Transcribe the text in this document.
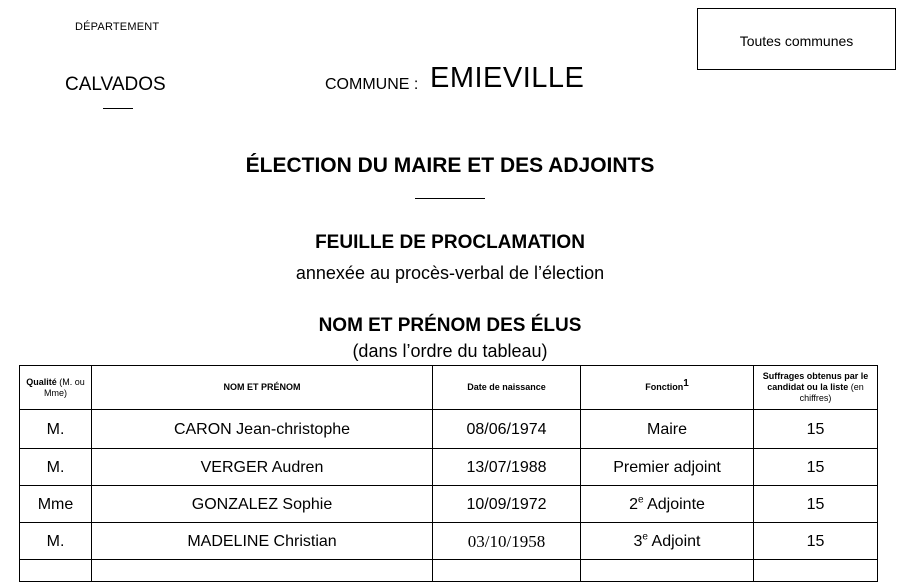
DÉPARTEMENT
CALVADOS	COMMUNE : EMIEVILLE
Toutes communes
ÉLECTION DU MAIRE ET DES ADJOINTS
FEUILLE DE PROCLAMATION
annexée au procès-verbal de l’élection
NOM ET PRÉNOM DES ÉLUS
(dans l’ordre du tableau)
Qualité (M. ou Mme)	NOM ET PRÉNOM	Date de naissance	Fonction$^1$	Suffrages obtenus par le candidat ou la liste (en chiffres)
M.	CARON Jean-christophe	08/06/1974	Maire	15
M.	VERGER Audren	13/07/1988	Premier adjoint	15
Mme	GONZALEZ Sophie	10/09/1972	2e Adjointe	15
M.	MADELINE Christian	03/10/1958	3e Adjoint	15
